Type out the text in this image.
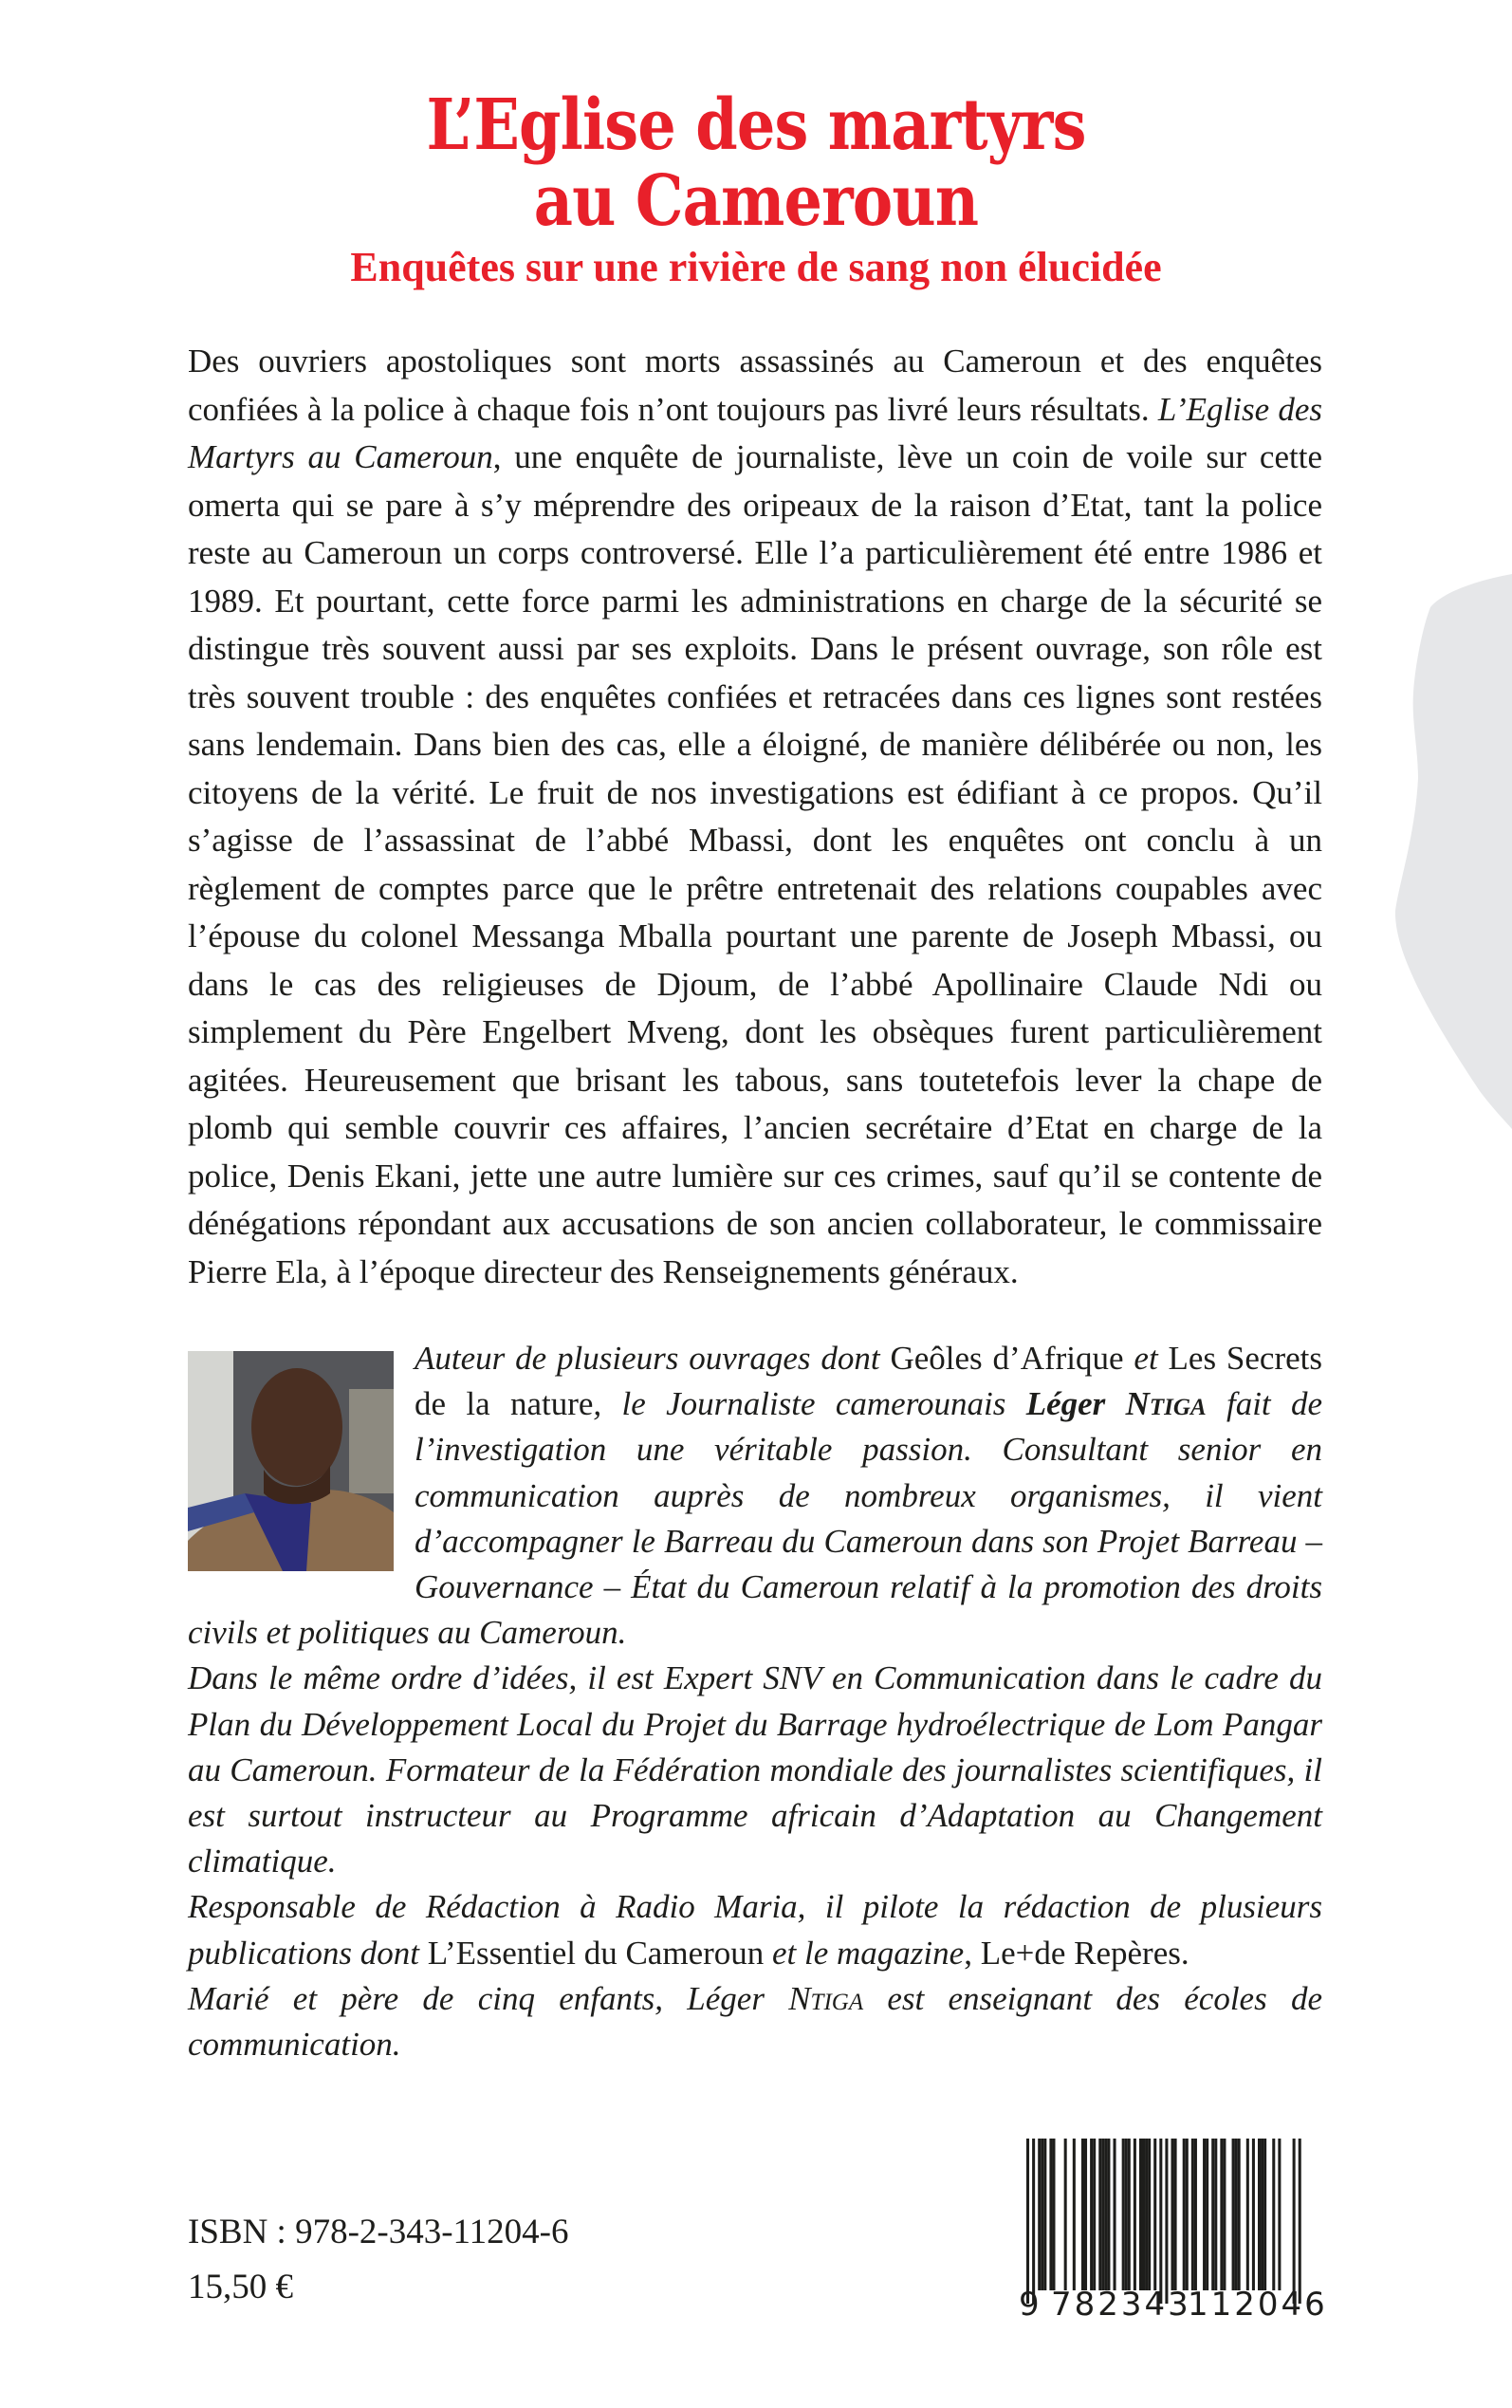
L’Eglise des martyrs
au Cameroun
Enquêtes sur une rivière de sang non élucidée

Des ouvriers apostoliques sont morts assassinés au Cameroun et des enquêtes confiées à la police à chaque fois n’ont toujours pas livré leurs résultats. L’Eglise des Martyrs au Cameroun, une enquête de journaliste, lève un coin de voile sur cette omerta qui se pare à s’y méprendre des oripeaux de la raison d’Etat, tant la police reste au Cameroun un corps controversé. Elle l’a particulièrement été entre 1986 et 1989. Et pourtant, cette force parmi les administrations en charge de la sécurité se distingue très souvent aussi par ses exploits. Dans le présent ouvrage, son rôle est très souvent trouble : des enquêtes confiées et retracées dans ces lignes sont restées sans lendemain. Dans bien des cas, elle a éloigné, de manière délibérée ou non, les citoyens de la vérité. Le fruit de nos investigations est édifiant à ce propos. Qu’il s’agisse de l’assassinat de l’abbé Mbassi, dont les enquêtes ont conclu à un règlement de comptes parce que le prêtre entretenait des relations coupables avec l’épouse du colonel Messanga Mballa pourtant une parente de Joseph Mbassi, ou dans le cas des religieuses de Djoum, de l’abbé Apollinaire Claude Ndi ou simplement du Père Engelbert Mveng, dont les obsèques furent particulièrement agitées. Heureusement que brisant les tabous, sans toutetefois lever la chape de plomb qui semble couvrir ces affaires, l’ancien secrétaire d’Etat en charge de la police, Denis Ekani, jette une autre lumière sur ces crimes, sauf qu’il se contente de dénégations répondant aux accusations de son ancien collaborateur, le commissaire Pierre Ela, à l’époque directeur des Renseignements généraux.

Auteur de plusieurs ouvrages dont Geôles d’Afrique et Les Secrets de la nature, le Journaliste camerounais Léger Ntiga fait de l’investigation une véritable passion. Consultant senior en communication auprès de nombreux organismes, il vient d’accompagner le Barreau du Cameroun dans son Projet Barreau – Gouvernance – État du Cameroun relatif à la promotion des droits civils et politiques au Cameroun.

Dans le même ordre d’idées, il est Expert SNV en Communication dans le cadre du Plan du Développement Local du Projet du Barrage hydroélectrique de Lom Pangar au Cameroun. Formateur de la Fédération mondiale des journalistes scientifiques, il est surtout instructeur au Programme africain d’Adaptation au Changement climatique.

Responsable de Rédaction à Radio Maria, il pilote la rédaction de plusieurs publications dont L’Essentiel du Cameroun et le magazine, Le+de Repères.

Marié et père de cinq enfants, Léger Ntiga est enseignant des écoles de communication.

ISBN : 978-2-343-11204-6
15,50 €	9 782343
112046
